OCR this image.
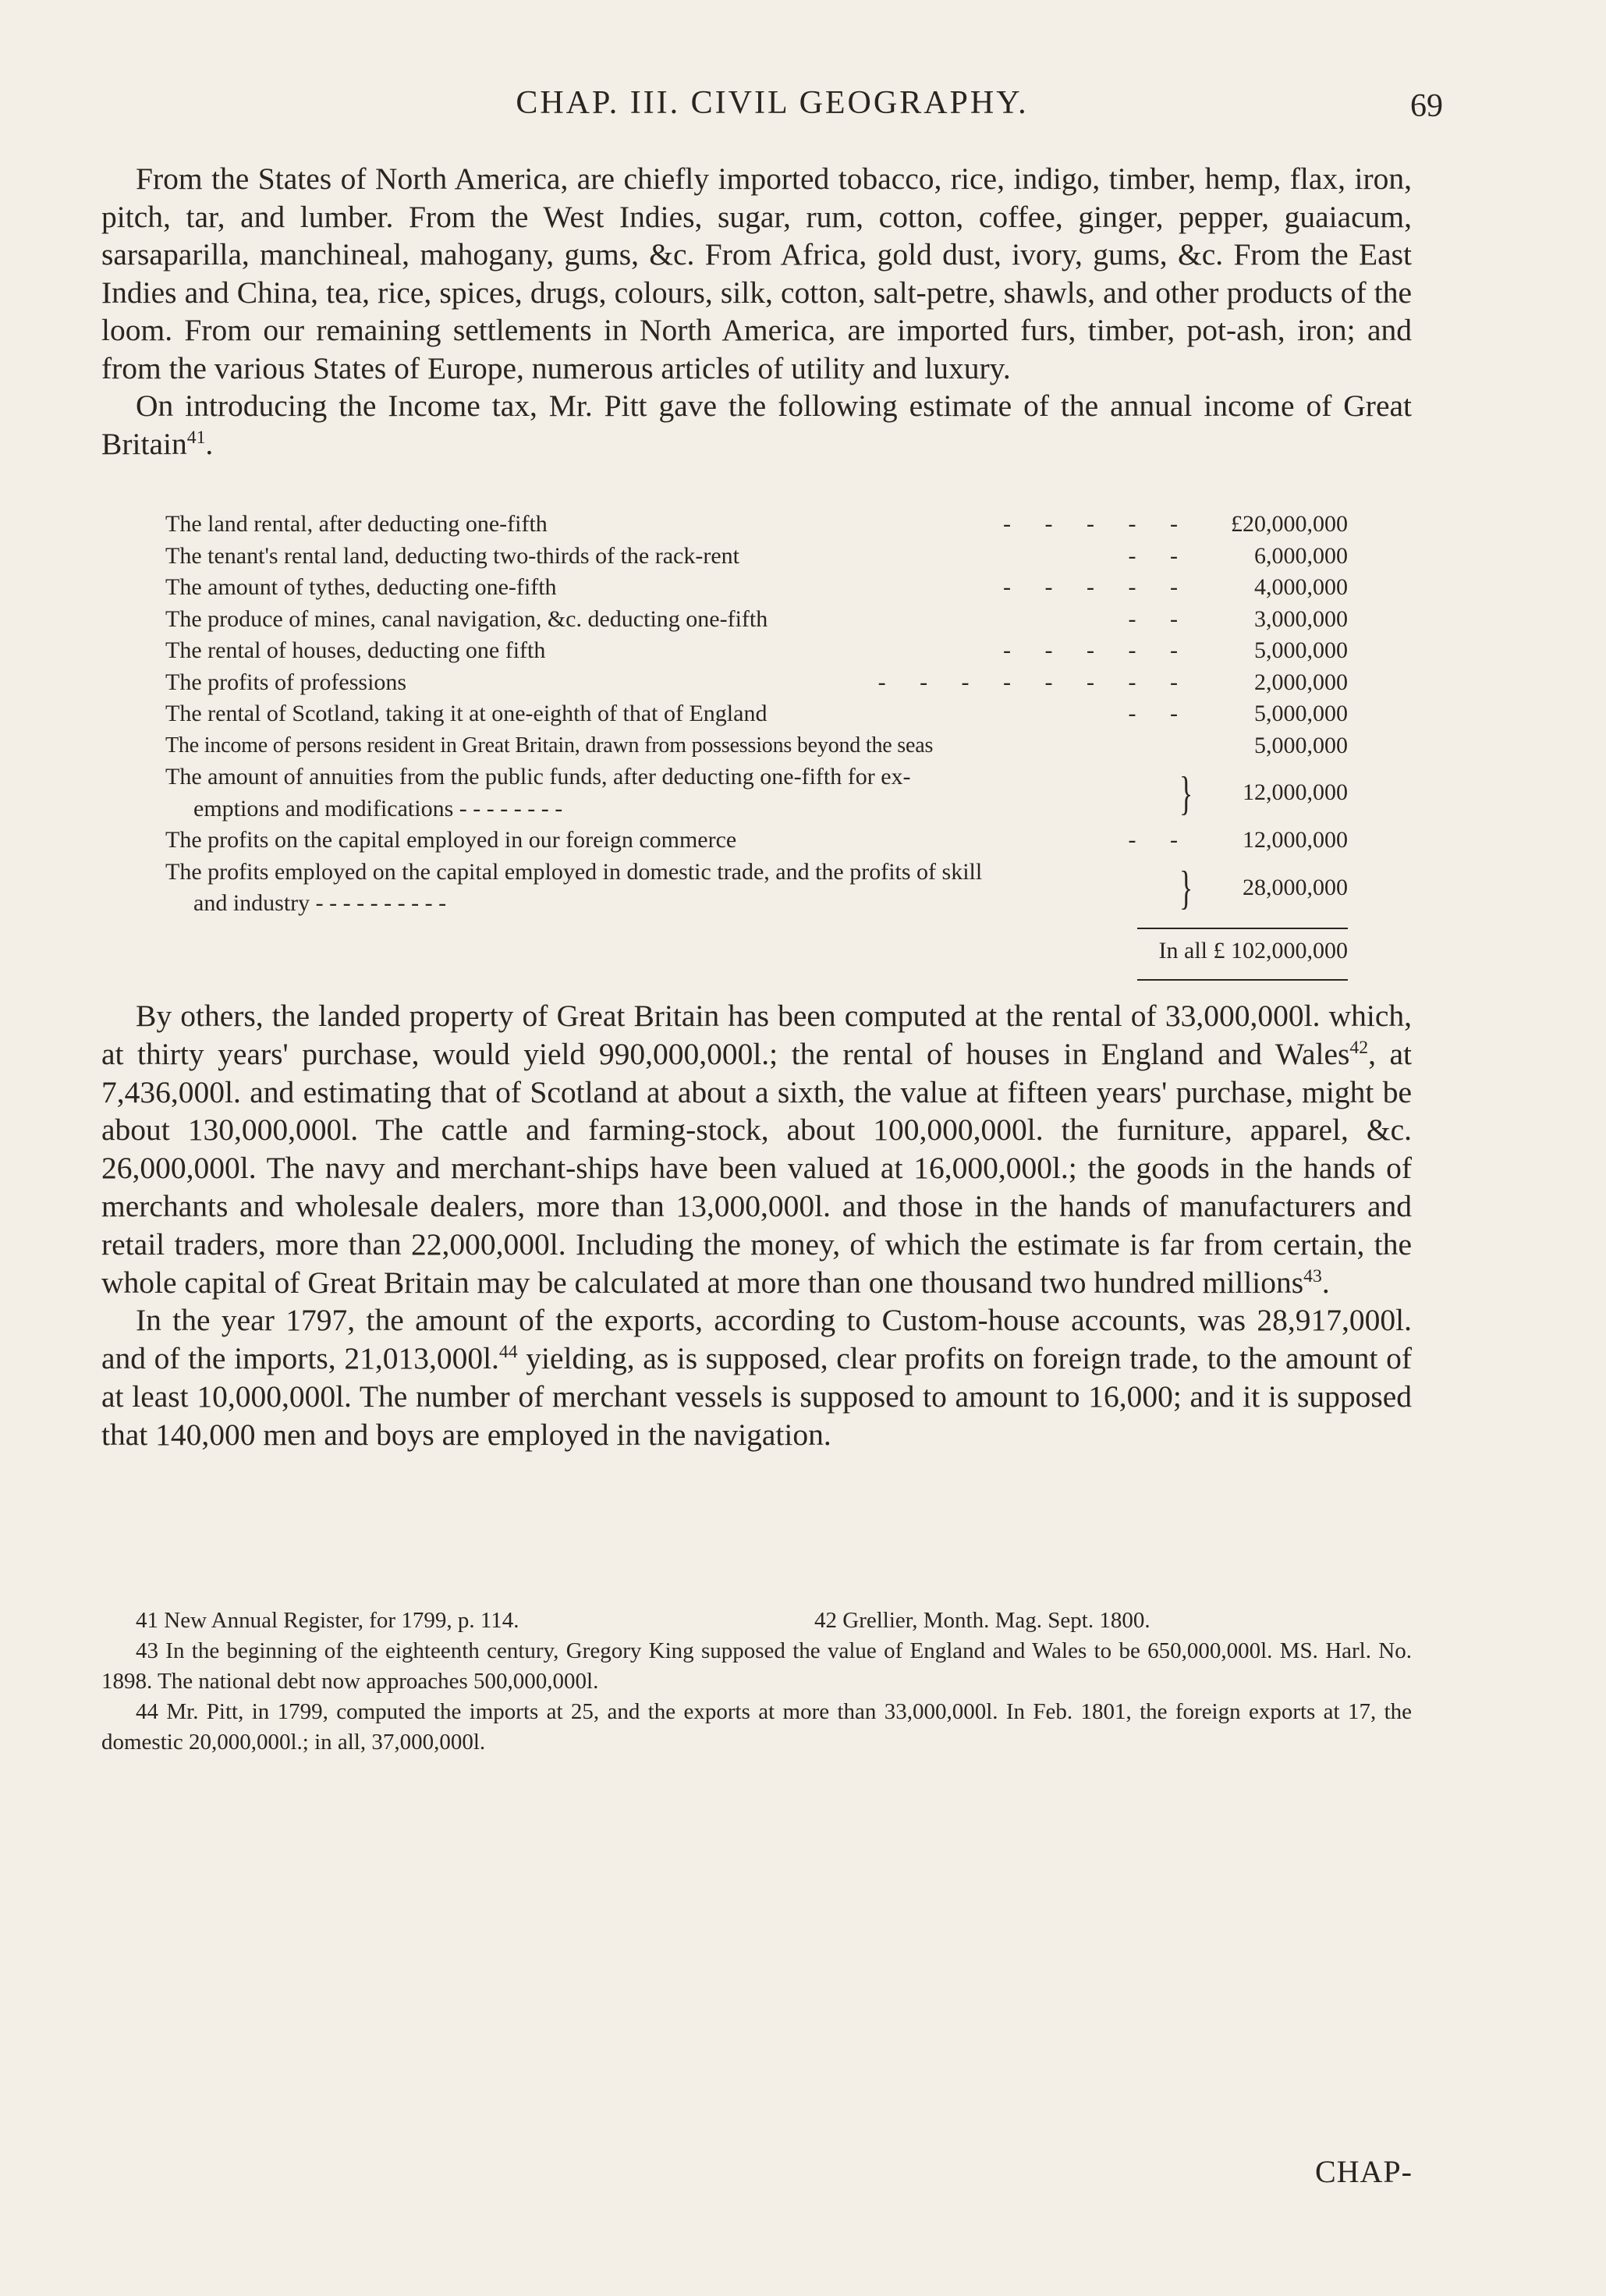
CHAP. III. CIVIL GEOGRAPHY.	69

From the States of North America, are chiefly imported tobacco, rice, indigo, timber, hemp, flax, iron, pitch, tar, and lumber. From the West Indies, sugar, rum, cotton, coffee, ginger, pepper, guaiacum, sarsaparilla, manchineal, mahogany, gums, &c. From Africa, gold dust, ivory, gums, &c. From the East Indies and China, tea, rice, spices, drugs, colours, silk, cotton, salt-petre, shawls, and other products of the loom. From our remaining settlements in North America, are imported furs, timber, pot-ash, iron; and from the various States of Europe, numerous articles of utility and luxury.

On introducing the Income tax, Mr. Pitt gave the following estimate of the annual income of Great Britain$^{41}$.

The land rental, after deducting one-fifth	- - - - -	£20,000,000
The tenant's rental land, deducting two-thirds of the rack-rent	- -	6,000,000
The amount of tythes, deducting one-fifth	- - - - -	4,000,000
The produce of mines, canal navigation, &c. deducting one-fifth	- -	3,000,000
The rental of houses, deducting one fifth	- - - - -	5,000,000
The profits of professions	- - - - - - - -	2,000,000
The rental of Scotland, taking it at one-eighth of that of England	- -	5,000,000
The income of persons resident in Great Britain, drawn from possessions beyond the seas	5,000,000
The amount of annuities from the public funds, after deducting one-fifth for ex-
emptions and modifications - - - - - - - -	}	12,000,000
The profits on the capital employed in our foreign commerce	- -	12,000,000
The profits employed on the capital employed in domestic trade, and the profits of skill
and industry - - - - - - - - - -	}	28,000,000
In all £ 102,000,000

By others, the landed property of Great Britain has been computed at the rental of 33,000,000l. which, at thirty years' purchase, would yield 990,000,000l.; the rental of houses in England and Wales$^{42}$, at 7,436,000l. and estimating that of Scotland at about a sixth, the value at fifteen years' purchase, might be about 130,000,000l. The cattle and farming-stock, about 100,000,000l. the furniture, apparel, &c. 26,000,000l. The navy and merchant-ships have been valued at 16,000,000l.; the goods in the hands of merchants and wholesale dealers, more than 13,000,000l. and those in the hands of manufacturers and retail traders, more than 22,000,000l. Including the money, of which the estimate is far from certain, the whole capital of Great Britain may be calculated at more than one thousand two hundred millions$^{43}$.

In the year 1797, the amount of the exports, according to Custom-house accounts, was 28,917,000l. and of the imports, 21,013,000l.$^{44}$ yielding, as is supposed, clear profits on foreign trade, to the amount of at least 10,000,000l. The number of merchant vessels is supposed to amount to 16,000; and it is supposed that 140,000 men and boys are employed in the navigation.

41 New Annual Register, for 1799, p. 114.	42 Grellier, Month. Mag. Sept. 1800.

43 In the beginning of the eighteenth century, Gregory King supposed the value of England and Wales to be 650,000,000l. MS. Harl. No. 1898. The national debt now approaches 500,000,000l.

44 Mr. Pitt, in 1799, computed the imports at 25, and the exports at more than 33,000,000l. In Feb. 1801, the foreign exports at 17, the domestic 20,000,000l.; in all, 37,000,000l.

CHAP-
